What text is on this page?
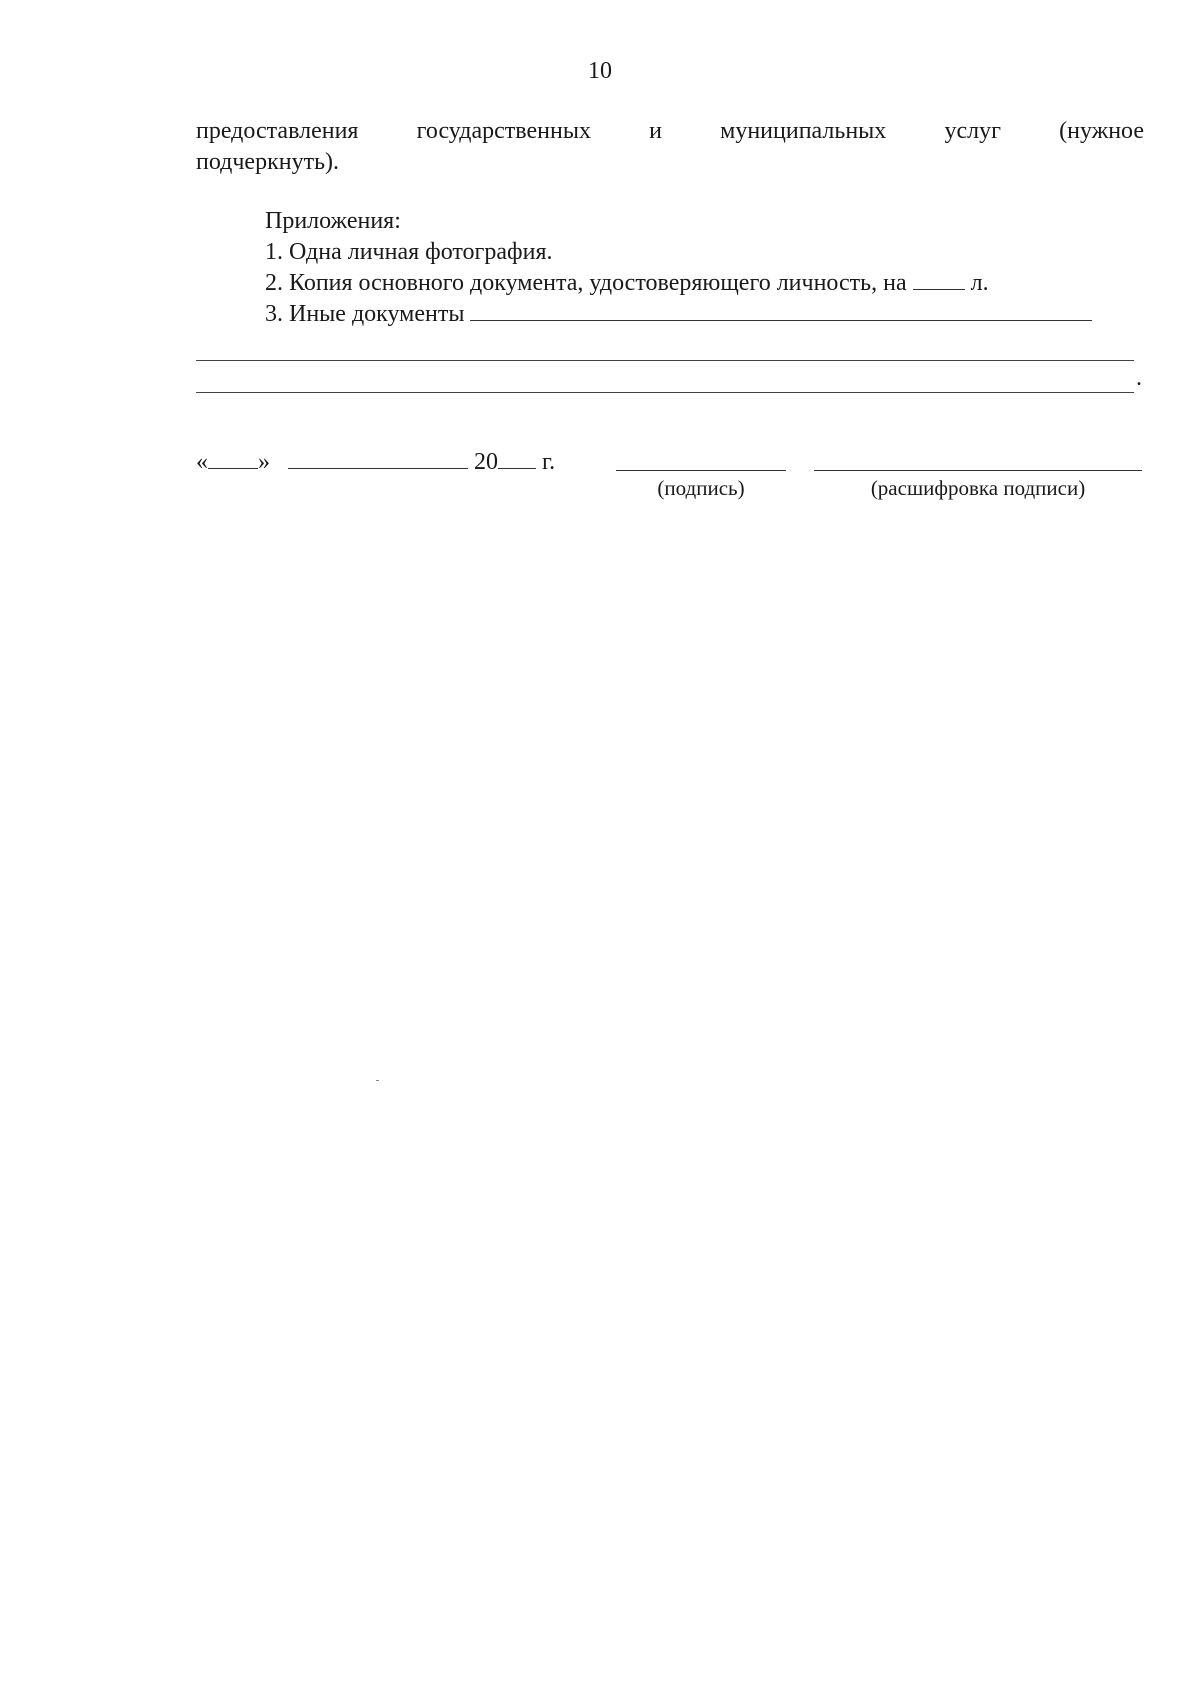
10
предоставления государственных и муниципальных услуг (нужное
подчеркнуть).
Приложения:
1. Одна личная фотография.
2. Копия основного документа, удостоверяющего личность, на	л.
3. Иные документы
.
« »	20 г.
(подпись)	(расшифровка подписи)
